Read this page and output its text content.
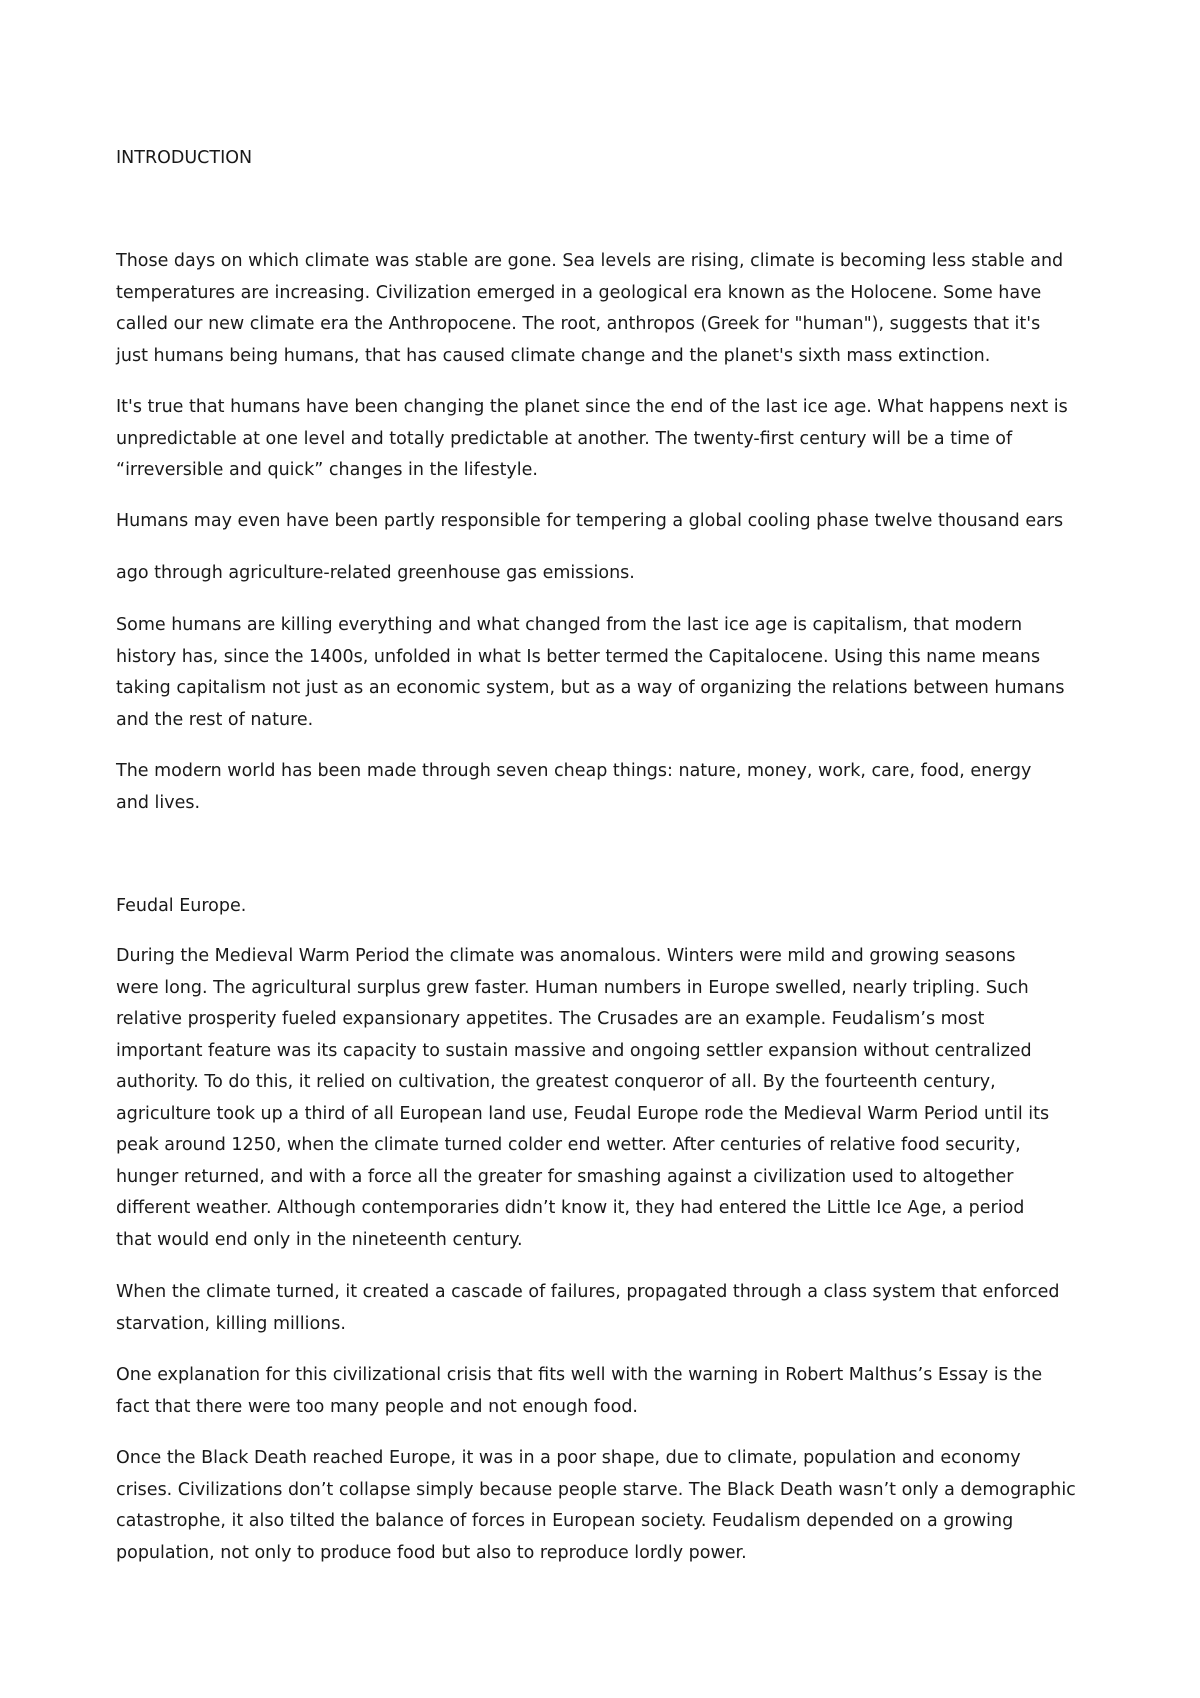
INTRODUCTION
Those days on which climate was stable are gone. Sea levels are rising, climate is becoming less stable and
temperatures are increasing. Civilization emerged in a geological era known as the Holocene. Some have
called our new climate era the Anthropocene. The root, anthropos (Greek for "human"), suggests that it's
just humans being humans, that has caused climate change and the planet's sixth mass extinction.
It's true that humans have been changing the planet since the end of the last ice age. What happens next is
unpredictable at one level and totally predictable at another. The twenty-first century will be a time of
“irreversible and quick” changes in the lifestyle.
Humans may even have been partly responsible for tempering a global cooling phase twelve thousand ears
ago through agriculture-related greenhouse gas emissions.
Some humans are killing everything and what changed from the last ice age is capitalism, that modern
history has, since the 1400s, unfolded in what Is better termed the Capitalocene. Using this name means
taking capitalism not just as an economic system, but as a way of organizing the relations between humans
and the rest of nature.
The modern world has been made through seven cheap things: nature, money, work, care, food, energy
and lives.
Feudal Europe.
During the Medieval Warm Period the climate was anomalous. Winters were mild and growing seasons
were long. The agricultural surplus grew faster. Human numbers in Europe swelled, nearly tripling. Such
relative prosperity fueled expansionary appetites. The Crusades are an example. Feudalism’s most
important feature was its capacity to sustain massive and ongoing settler expansion without centralized
authority. To do this, it relied on cultivation, the greatest conqueror of all. By the fourteenth century,
agriculture took up a third of all European land use, Feudal Europe rode the Medieval Warm Period until its
peak around 1250, when the climate turned colder end wetter. After centuries of relative food security,
hunger returned, and with a force all the greater for smashing against a civilization used to altogether
different weather. Although contemporaries didn’t know it, they had entered the Little Ice Age, a period
that would end only in the nineteenth century.
When the climate turned, it created a cascade of failures, propagated through a class system that enforced
starvation, killing millions.
One explanation for this civilizational crisis that fits well with the warning in Robert Malthus’s Essay is the
fact that there were too many people and not enough food.
Once the Black Death reached Europe, it was in a poor shape, due to climate, population and economy
crises. Civilizations don’t collapse simply because people starve. The Black Death wasn’t only a demographic
catastrophe, it also tilted the balance of forces in European society. Feudalism depended on a growing
population, not only to produce food but also to reproduce lordly power.
